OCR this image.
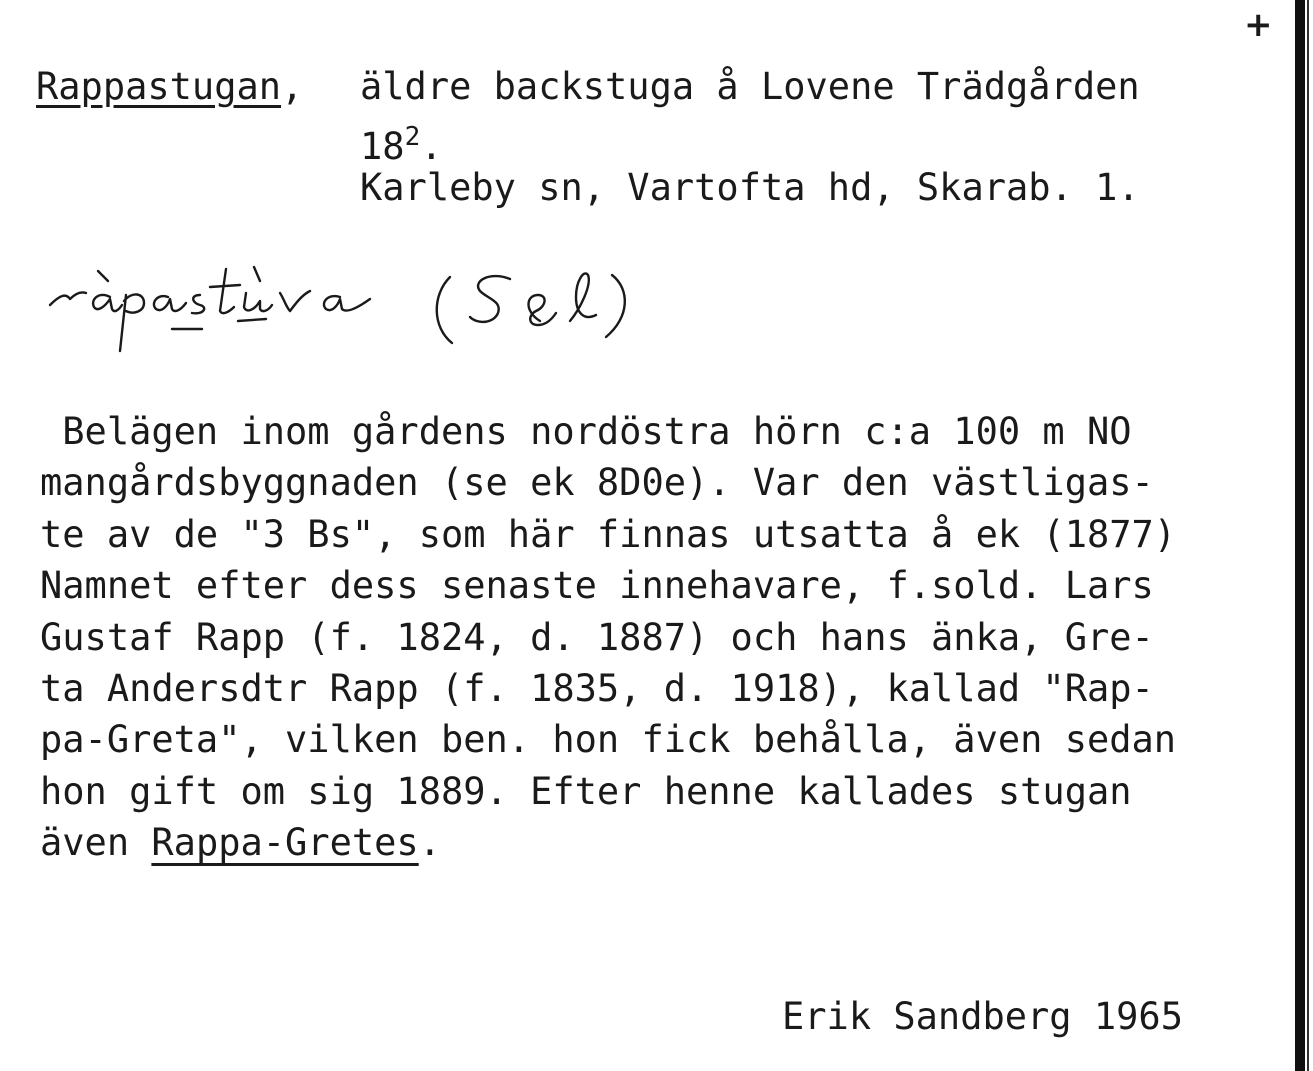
+
Rappastugan, äldre backstuga å Lovene Trädgården
$18^2$.
Karleby sn, Vartofta hd, Skarab. 1.
Belägen inom gårdens nordöstra hörn c:a 100 m NO
mangårdsbyggnaden (se ek 8D0e). Var den västligas-
te av de "3 Bs", som här finnas utsatta å ek (1877)
Namnet efter dess senaste innehavare, f.sold. Lars
Gustaf Rapp (f. 1824, d. 1887) och hans änka, Gre-
ta Andersdtr Rapp (f. 1835, d. 1918), kallad "Rap-
pa-Greta", vilken ben. hon fick behålla, även sedan
hon gift om sig 1889. Efter henne kallades stugan
även Rappa-Gretes.
Erik Sandberg 1965
